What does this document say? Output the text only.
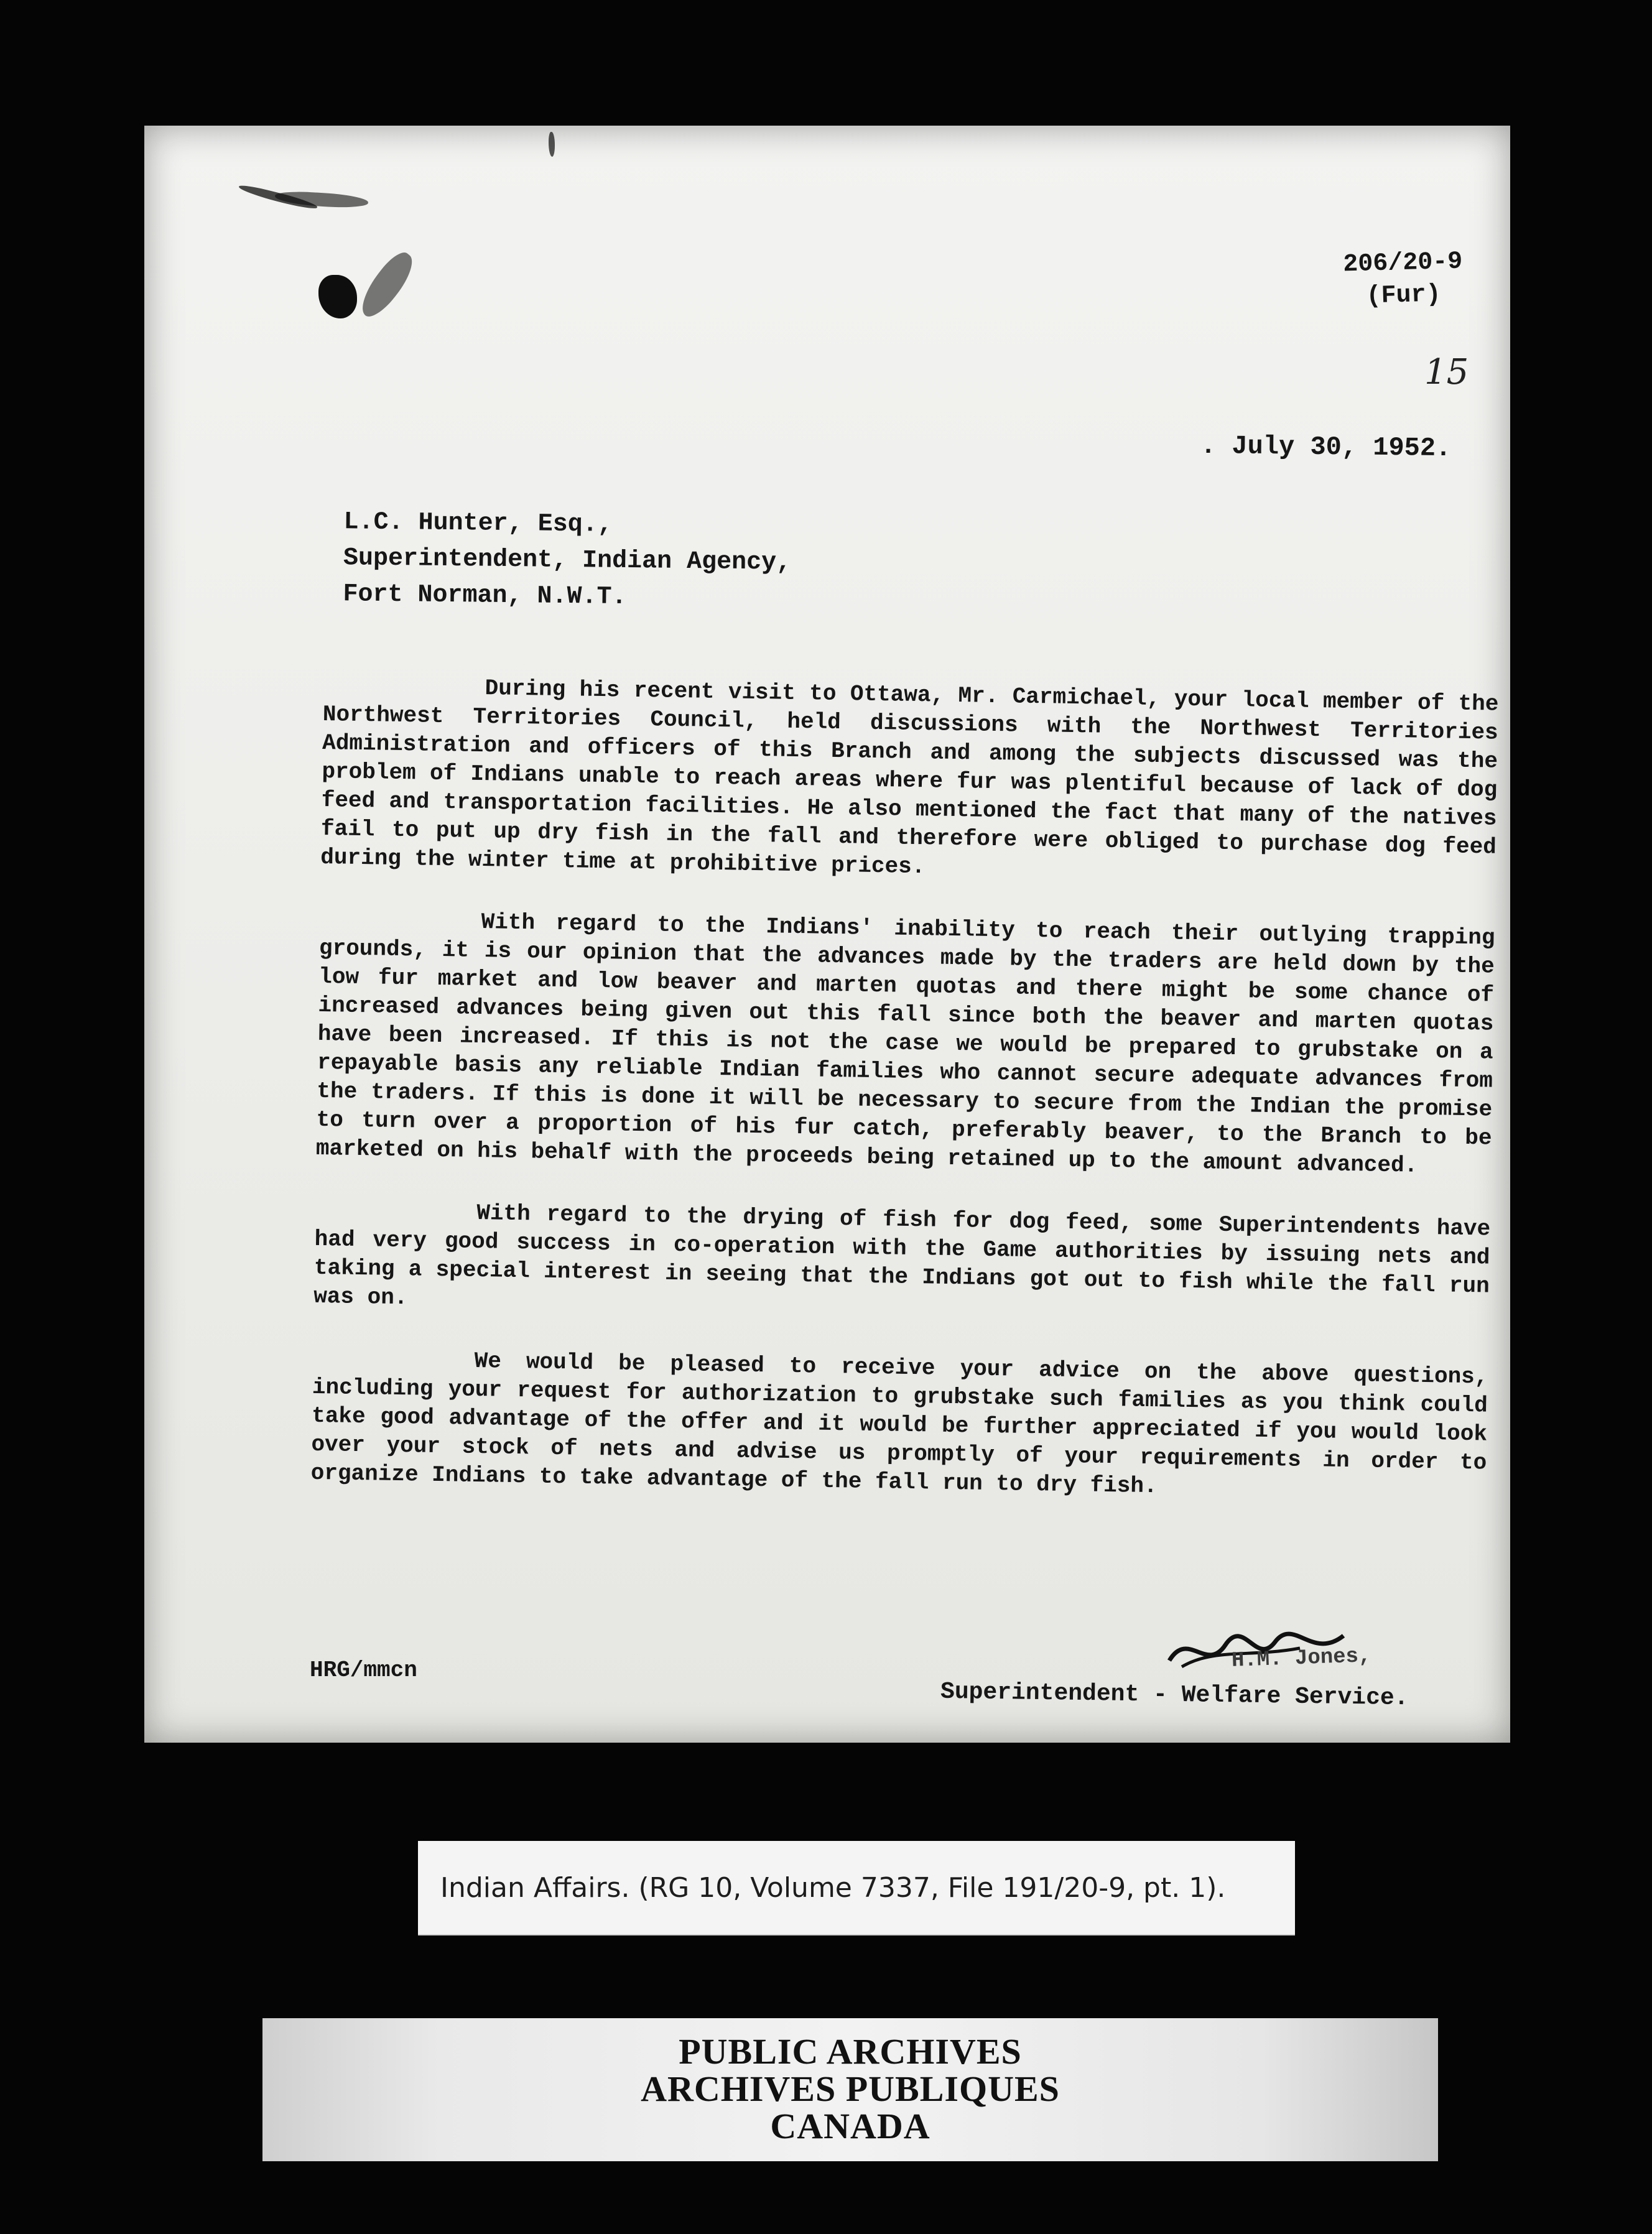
206/20-9
(Fur)
15
. July 30, 1952.
L.C. Hunter, Esq.,
Superintendent, Indian Agency,
Fort Norman, N.W.T.

During his recent visit to Ottawa, Mr. Carmichael, your local member of the Northwest Territories Council, held discussions with the Northwest Territories Administration and officers of this Branch and among the subjects discussed was the problem of Indians unable to reach areas where fur was plentiful because of lack of dog feed and transportation facilities. He also mentioned the fact that many of the natives fail to put up dry fish in the fall and therefore were obliged to purchase dog feed during the winter time at prohibitive prices.

With regard to the Indians' inability to reach their outlying trapping grounds, it is our opinion that the advances made by the traders are held down by the low fur market and low beaver and marten quotas and there might be some chance of increased advances being given out this fall since both the beaver and marten quotas have been increased. If this is not the case we would be prepared to grubstake on a repayable basis any reliable Indian families who cannot secure adequate advances from the traders. If this is done it will be necessary to secure from the Indian the promise to turn over a proportion of his fur catch, preferably beaver, to the Branch to be marketed on his behalf with the proceeds being retained up to the amount advanced.

With regard to the drying of fish for dog feed, some Superintendents have had very good success in co-operation with the Game authorities by issuing nets and taking a special interest in seeing that the Indians got out to fish while the fall run was on.

We would be pleased to receive your advice on the above questions, including your request for authorization to grubstake such families as you think could take good advantage of the offer and it would be further appreciated if you would look over your stock of nets and advise us promptly of your requirements in order to organize Indians to take advantage of the fall run to dry fish.

HRG/mmcn	H.M. Jones,
Superintendent - Welfare Service.
Indian Affairs. (RG 10, Volume 7337, File 191/20-9, pt. 1).
PUBLIC ARCHIVES
ARCHIVES PUBLIQUES
CANADA
